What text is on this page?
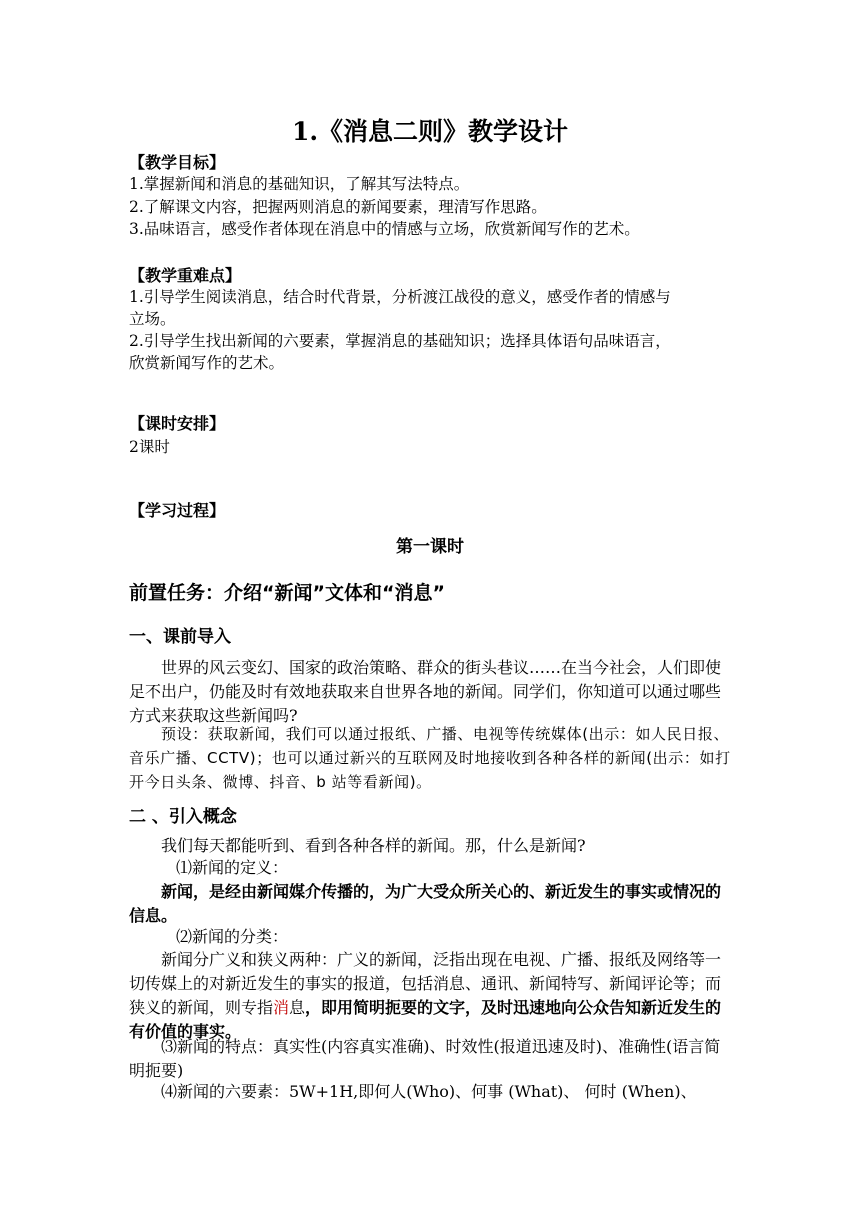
1.《消息二则》教学设计
【教学目标】
1.掌握新闻和消息的基础知识，了解其写法特点。
2.了解课文内容，把握两则消息的新闻要素，理清写作思路。
3.品味语言，感受作者体现在消息中的情感与立场，欣赏新闻写作的艺术。
【教学重难点】
1.引导学生阅读消息，结合时代背景，分析渡江战役的意义，感受作者的情感与
立场。
2.引导学生找出新闻的六要素，掌握消息的基础知识；选择具体语句品味语言，
欣赏新闻写作的艺术。
【课时安排】
2课时
【学习过程】
第一课时
前置任务：介绍“新闻”文体和“消息”
一、课前导入
世界的风云变幻、国家的政治策略、群众的街头巷议……在当今社会，人们即使足不出户，仍能及时有效地获取来自世界各地的新闻。同学们，你知道可以通过哪些方式来获取这些新闻吗?
预设：获取新闻，我们可以通过报纸、广播、电视等传统媒体(出示：如人民日报、音乐广播、CCTV)；也可以通过新兴的互联网及时地接收到各种各样的新闻(出示：如打开今日头条、微博、抖音、b 站等看新闻)。
二 、引入概念
我们每天都能听到、看到各种各样的新闻。那，什么是新闻?
⑴新闻的定义：
新闻，是经由新闻媒介传播的，为广大受众所关心的、新近发生的事实或情况的信息。
⑵新闻的分类：
新闻分广义和狭义两种：广义的新闻，泛指出现在电视、广播、报纸及网络等一切传媒上的对新近发生的事实的报道，包括消息、通讯、新闻特写、新闻评论等；而狭义的新闻，则专指消息，即用简明扼要的文字，及时迅速地向公众告知新近发生的有价值的事实。
⑶新闻的特点：真实性(内容真实准确)、时效性(报道迅速及时)、准确性(语言简明扼要)
⑷新闻的六要素：5W+1H,即何人(Who)、何事 (What)、 何时 (When)、
